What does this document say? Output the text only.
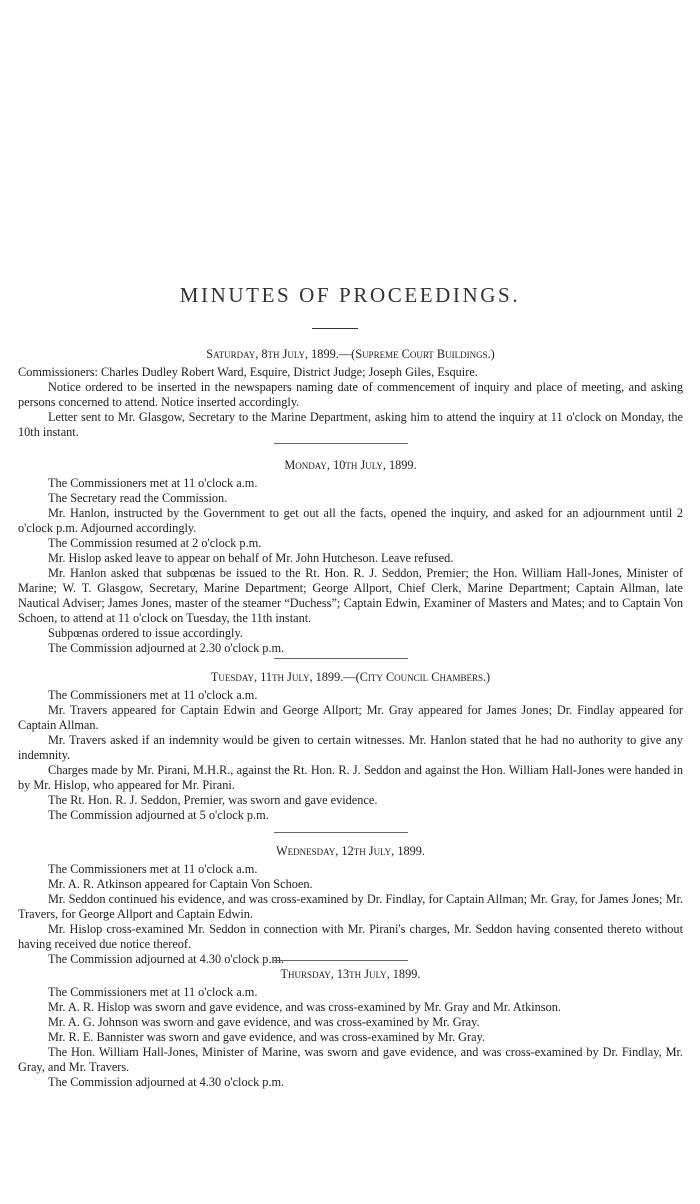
MINUTES OF PROCEEDINGS.
Saturday, 8th July, 1899.—(Supreme Court Buildings.)

Commissioners: Charles Dudley Robert Ward, Esquire, District Judge; Joseph Giles, Esquire.

Notice ordered to be inserted in the newspapers naming date of commencement of inquiry and place of meeting, and asking persons concerned to attend. Notice inserted accordingly.

Letter sent to Mr. Glasgow, Secretary to the Marine Department, asking him to attend the inquiry at 11 o'clock on Monday, the 10th instant.

Monday, 10th July, 1899.

The Commissioners met at 11 o'clock a.m.

The Secretary read the Commission.

Mr. Hanlon, instructed by the Government to get out all the facts, opened the inquiry, and asked for an adjournment until 2 o'clock p.m. Adjourned accordingly.

The Commission resumed at 2 o'clock p.m.

Mr. Hislop asked leave to appear on behalf of Mr. John Hutcheson. Leave refused.

Mr. Hanlon asked that subpœnas be issued to the Rt. Hon. R. J. Seddon, Premier; the Hon. William Hall-Jones, Minister of Marine; W. T. Glasgow, Secretary, Marine Department; George Allport, Chief Clerk, Marine Department; Captain Allman, late Nautical Adviser; James Jones, master of the steamer “Duchess”; Captain Edwin, Examiner of Masters and Mates; and to Captain Von Schoen, to attend at 11 o'clock on Tuesday, the 11th instant.

Subpœnas ordered to issue accordingly.

The Commission adjourned at 2.30 o'clock p.m.

Tuesday, 11th July, 1899.—(City Council Chambers.)

The Commissioners met at 11 o'clock a.m.

Mr. Travers appeared for Captain Edwin and George Allport; Mr. Gray appeared for James Jones; Dr. Findlay appeared for Captain Allman.

Mr. Travers asked if an indemnity would be given to certain witnesses. Mr. Hanlon stated that he had no authority to give any indemnity.

Charges made by Mr. Pirani, M.H.R., against the Rt. Hon. R. J. Seddon and against the Hon. William Hall-Jones were handed in by Mr. Hislop, who appeared for Mr. Pirani.

The Rt. Hon. R. J. Seddon, Premier, was sworn and gave evidence.

The Commission adjourned at 5 o'clock p.m.

Wednesday, 12th July, 1899.

The Commissioners met at 11 o'clock a.m.

Mr. A. R. Atkinson appeared for Captain Von Schoen.

Mr. Seddon continued his evidence, and was cross-examined by Dr. Findlay, for Captain Allman; Mr. Gray, for James Jones; Mr. Travers, for George Allport and Captain Edwin.

Mr. Hislop cross-examined Mr. Seddon in connection with Mr. Pirani's charges, Mr. Seddon having consented thereto without having received due notice thereof.

The Commission adjourned at 4.30 o'clock p.m.

Thursday, 13th July, 1899.

The Commissioners met at 11 o'clock a.m.

Mr. A. R. Hislop was sworn and gave evidence, and was cross-examined by Mr. Gray and Mr. Atkinson.

Mr. A. G. Johnson was sworn and gave evidence, and was cross-examined by Mr. Gray.

Mr. R. E. Bannister was sworn and gave evidence, and was cross-examined by Mr. Gray.

The Hon. William Hall-Jones, Minister of Marine, was sworn and gave evidence, and was cross-examined by Dr. Findlay, Mr. Gray, and Mr. Travers.

The Commission adjourned at 4.30 o'clock p.m.
